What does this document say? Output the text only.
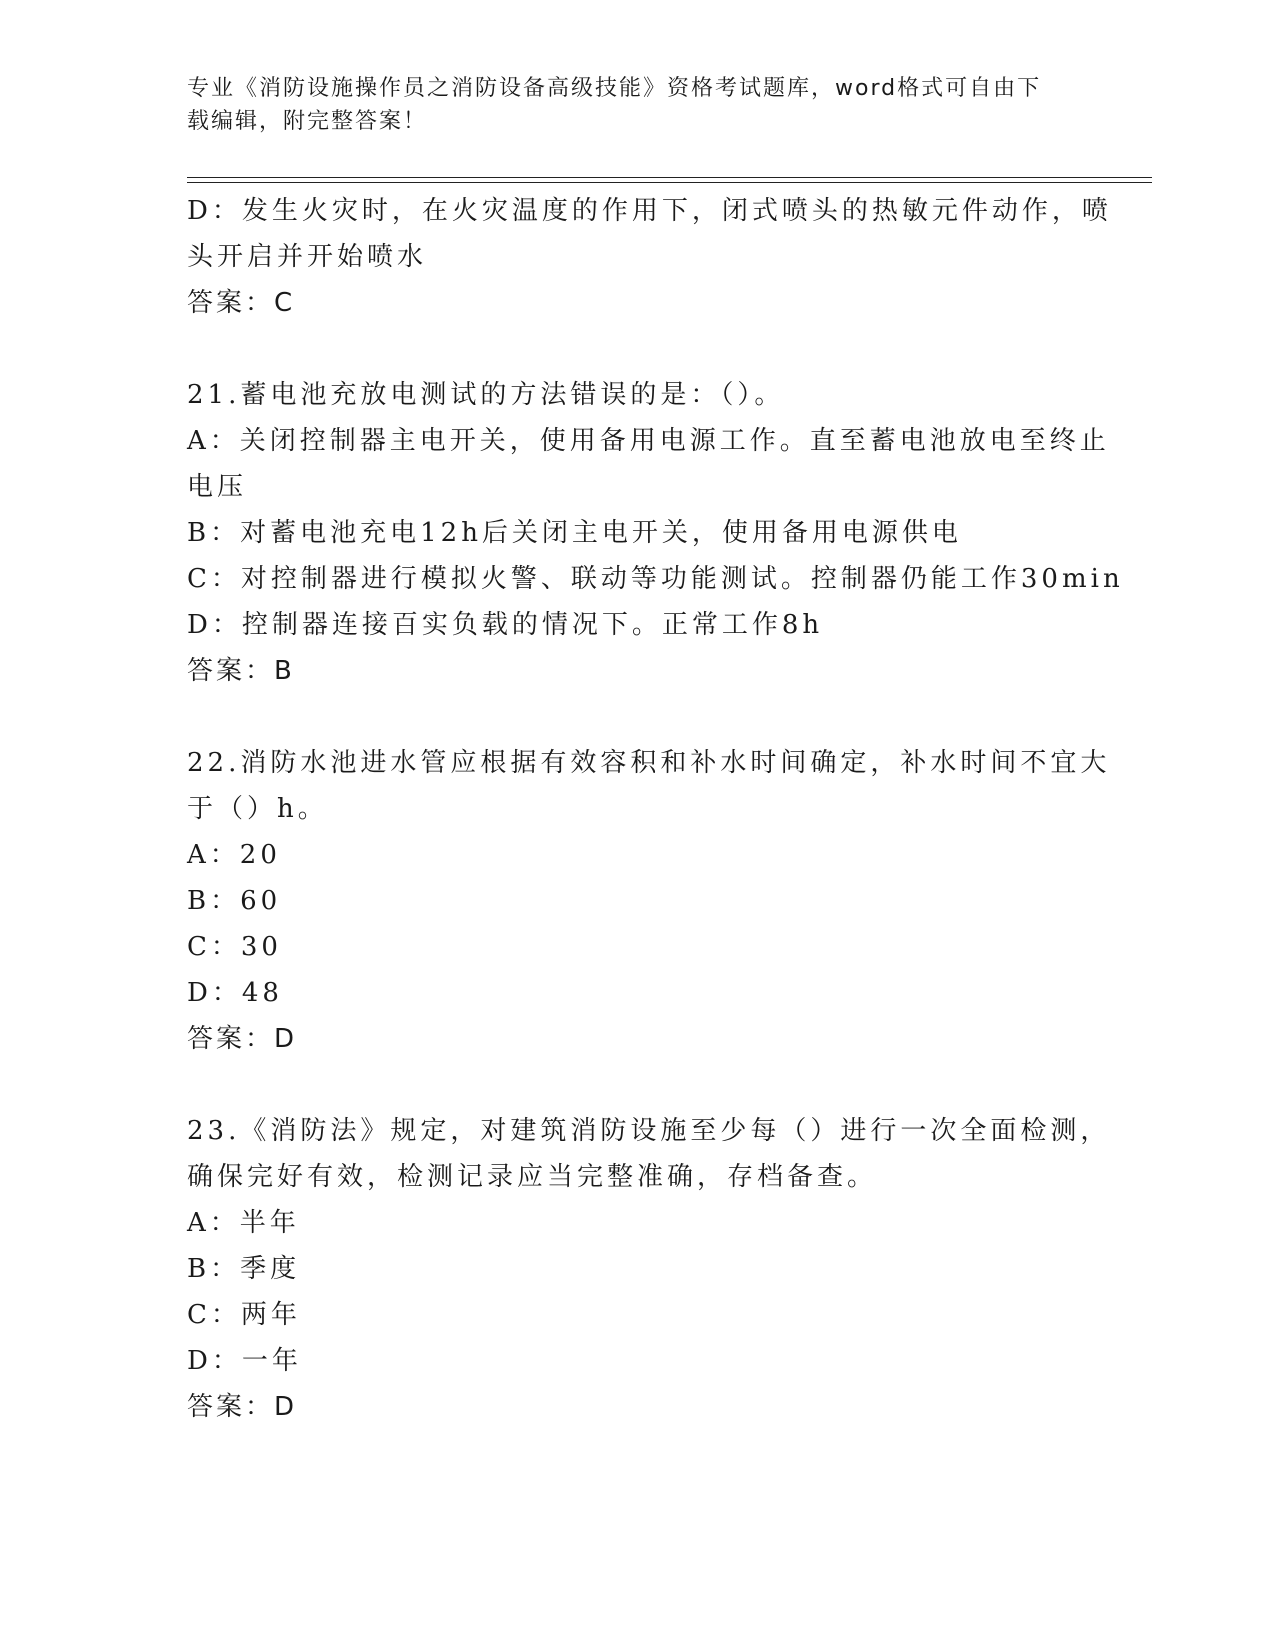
专业《消防设施操作员之消防设备高级技能》资格考试题库，word格式可自由下
载编辑，附完整答案！

D：发生火灾时，在火灾温度的作用下，闭式喷头的热敏元件动作，喷

头开启并开始喷水

答案：C

21.蓄电池充放电测试的方法错误的是：（）。

A：关闭控制器主电开关，使用备用电源工作。直至蓄电池放电至终止

电压

B：对蓄电池充电12h后关闭主电开关，使用备用电源供电

C：对控制器进行模拟火警、联动等功能测试。控制器仍能工作30min

D：控制器连接百实负载的情况下。正常工作8h

答案：B

22.消防水池进水管应根据有效容积和补水时间确定，补水时间不宜大

于（）h。

A：20

B：60

C：30

D：48

答案：D

23.《消防法》规定，对建筑消防设施至少每（）进行一次全面检测，

确保完好有效，检测记录应当完整准确，存档备查。

A：半年

B：季度

C：两年

D：一年

答案：D
